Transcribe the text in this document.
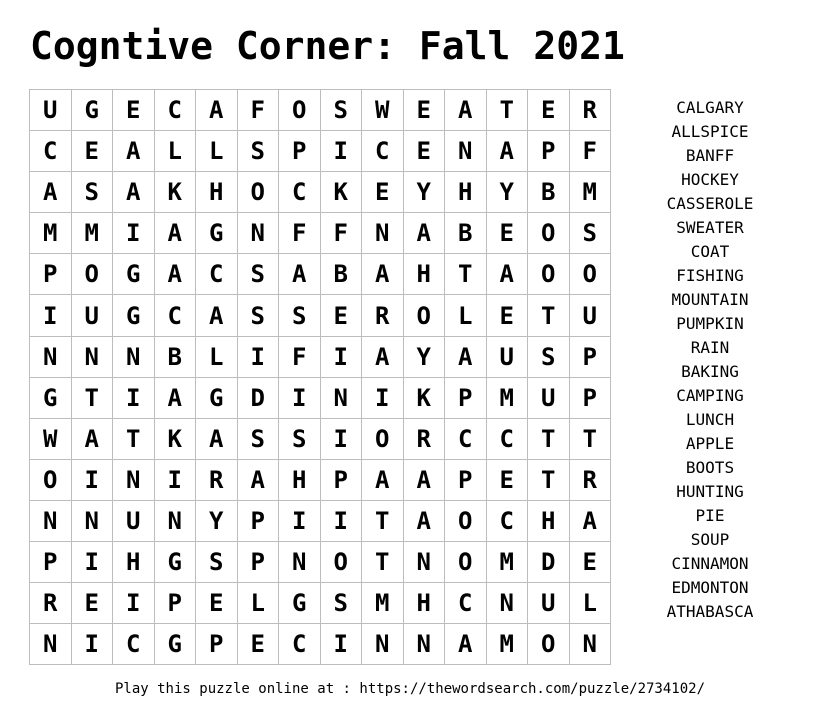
Cogntive Corner: Fall 2021
U	G	E	C	A	F	O	S	W	E	A	T	E	R
C	E	A	L	L	S	P	I	C	E	N	A	P	F
A	S	A	K	H	O	C	K	E	Y	H	Y	B	M
M	M	I	A	G	N	F	F	N	A	B	E	O	S
P	O	G	A	C	S	A	B	A	H	T	A	O	O
I	U	G	C	A	S	S	E	R	O	L	E	T	U
N	N	N	B	L	I	F	I	A	Y	A	U	S	P
G	T	I	A	G	D	I	N	I	K	P	M	U	P
W	A	T	K	A	S	S	I	O	R	C	C	T	T
O	I	N	I	R	A	H	P	A	A	P	E	T	R
N	N	U	N	Y	P	I	I	T	A	O	C	H	A
P	I	H	G	S	P	N	O	T	N	O	M	D	E
R	E	I	P	E	L	G	S	M	H	C	N	U	L
N	I	C	G	P	E	C	I	N	N	A	M	O	N
CALGARY
ALLSPICE
BANFF
HOCKEY
CASSEROLE
SWEATER
COAT
FISHING
MOUNTAIN
PUMPKIN
RAIN
BAKING
CAMPING
LUNCH
APPLE
BOOTS
HUNTING
PIE
SOUP
CINNAMON
EDMONTON
ATHABASCA
Play this puzzle online at : https://thewordsearch.com/puzzle/2734102/
